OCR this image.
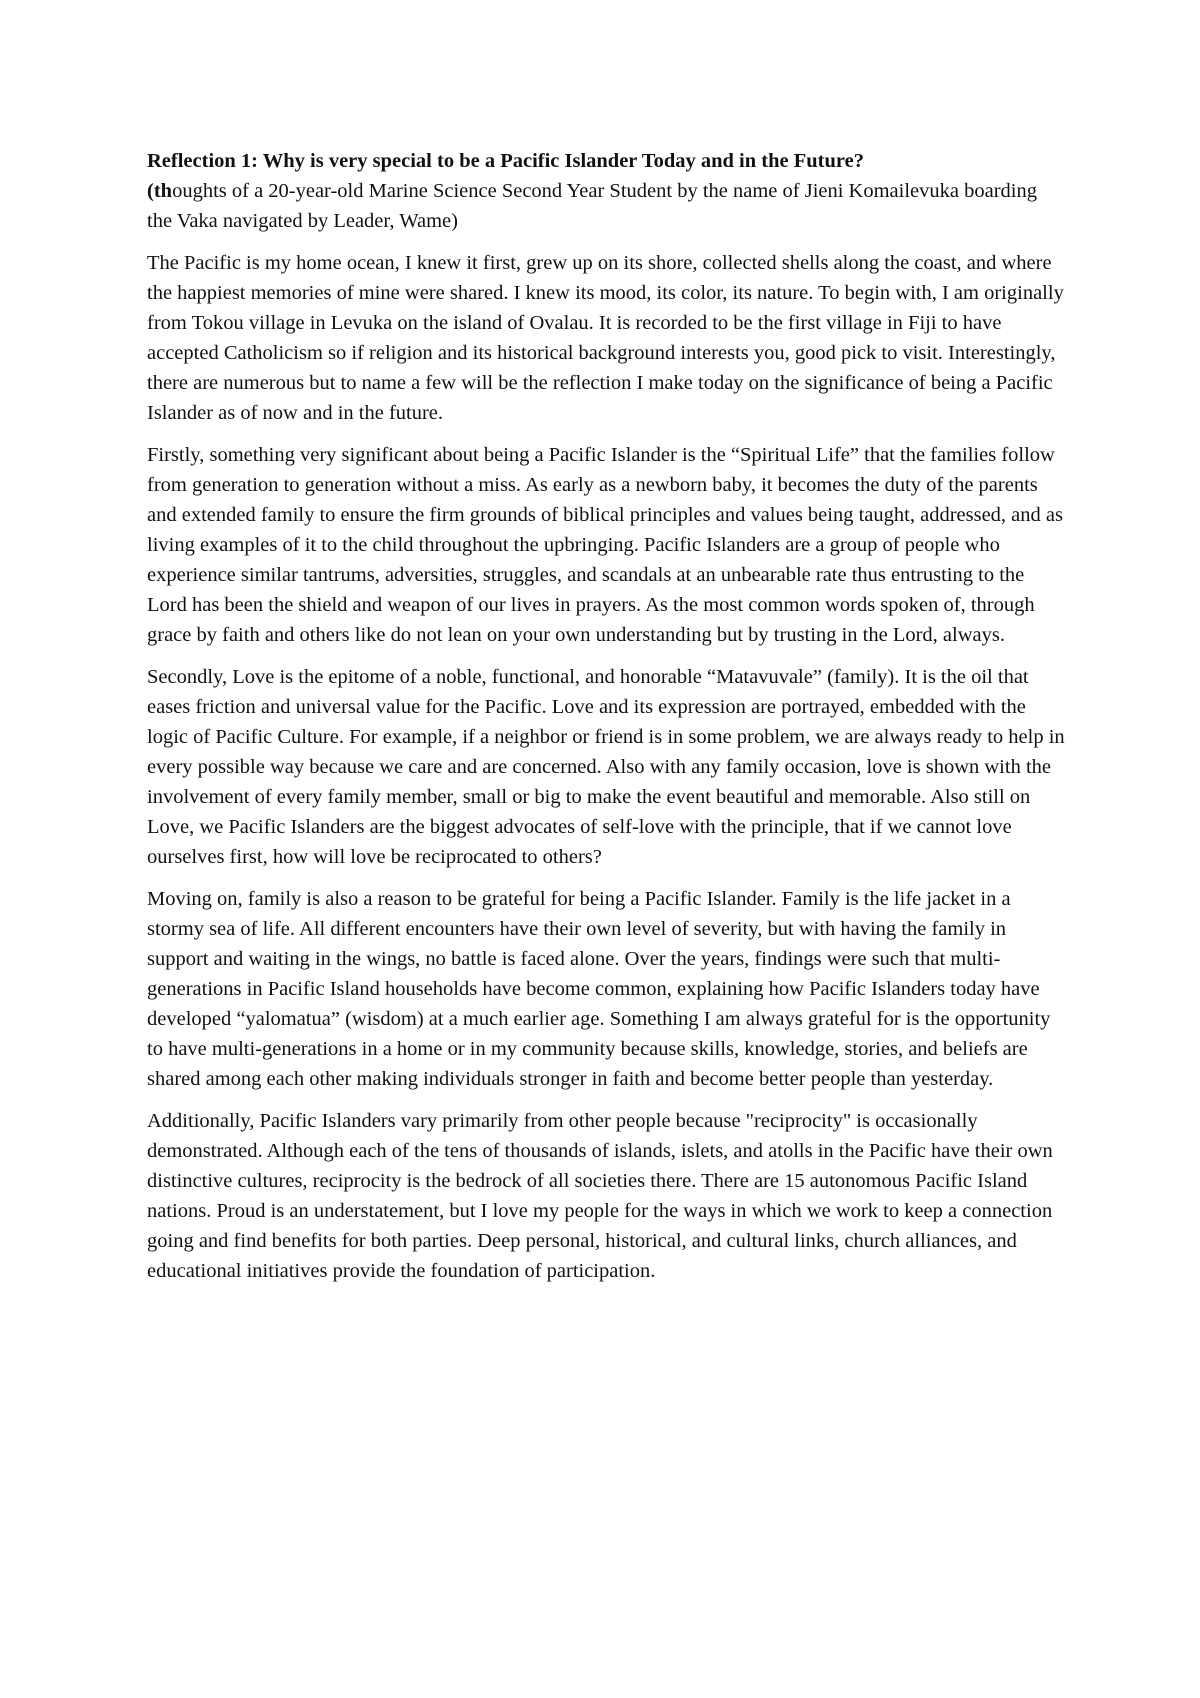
Reflection 1: Why is very special to be a Pacific Islander Today and in the Future?
(thoughts of a 20-year-old Marine Science Second Year Student by the name of Jieni Komailevuka boarding the Vaka navigated by Leader, Wame)

The Pacific is my home ocean, I knew it first, grew up on its shore, collected shells along the coast, and where the happiest memories of mine were shared. I knew its mood, its color, its nature. To begin with, I am originally from Tokou village in Levuka on the island of Ovalau. It is recorded to be the first village in Fiji to have accepted Catholicism so if religion and its historical background interests you, good pick to visit. Interestingly, there are numerous but to name a few will be the reflection I make today on the significance of being a Pacific Islander as of now and in the future.

Firstly, something very significant about being a Pacific Islander is the “Spiritual Life” that the families follow from generation to generation without a miss. As early as a newborn baby, it becomes the duty of the parents and extended family to ensure the firm grounds of biblical principles and values being taught, addressed, and as living examples of it to the child throughout the upbringing. Pacific Islanders are a group of people who experience similar tantrums, adversities, struggles, and scandals at an unbearable rate thus entrusting to the Lord has been the shield and weapon of our lives in prayers. As the most common words spoken of, through grace by faith and others like do not lean on your own understanding but by trusting in the Lord, always.

Secondly, Love is the epitome of a noble, functional, and honorable “Matavuvale” (family). It is the oil that eases friction and universal value for the Pacific. Love and its expression are portrayed, embedded with the logic of Pacific Culture. For example, if a neighbor or friend is in some problem, we are always ready to help in every possible way because we care and are concerned. Also with any family occasion, love is shown with the involvement of every family member, small or big to make the event beautiful and memorable. Also still on Love, we Pacific Islanders are the biggest advocates of self-love with the principle, that if we cannot love ourselves first, how will love be reciprocated to others?

Moving on, family is also a reason to be grateful for being a Pacific Islander. Family is the life jacket in a stormy sea of life. All different encounters have their own level of severity, but with having the family in support and waiting in the wings, no battle is faced alone. Over the years, findings were such that multi-generations in Pacific Island households have become common, explaining how Pacific Islanders today have developed “yalomatua” (wisdom) at a much earlier age. Something I am always grateful for is the opportunity to have multi-generations in a home or in my community because skills, knowledge, stories, and beliefs are shared among each other making individuals stronger in faith and become better people than yesterday.

Additionally, Pacific Islanders vary primarily from other people because "reciprocity" is occasionally demonstrated. Although each of the tens of thousands of islands, islets, and atolls in the Pacific have their own distinctive cultures, reciprocity is the bedrock of all societies there. There are 15 autonomous Pacific Island nations. Proud is an understatement, but I love my people for the ways in which we work to keep a connection going and find benefits for both parties. Deep personal, historical, and cultural links, church alliances, and educational initiatives provide the foundation of participation.
